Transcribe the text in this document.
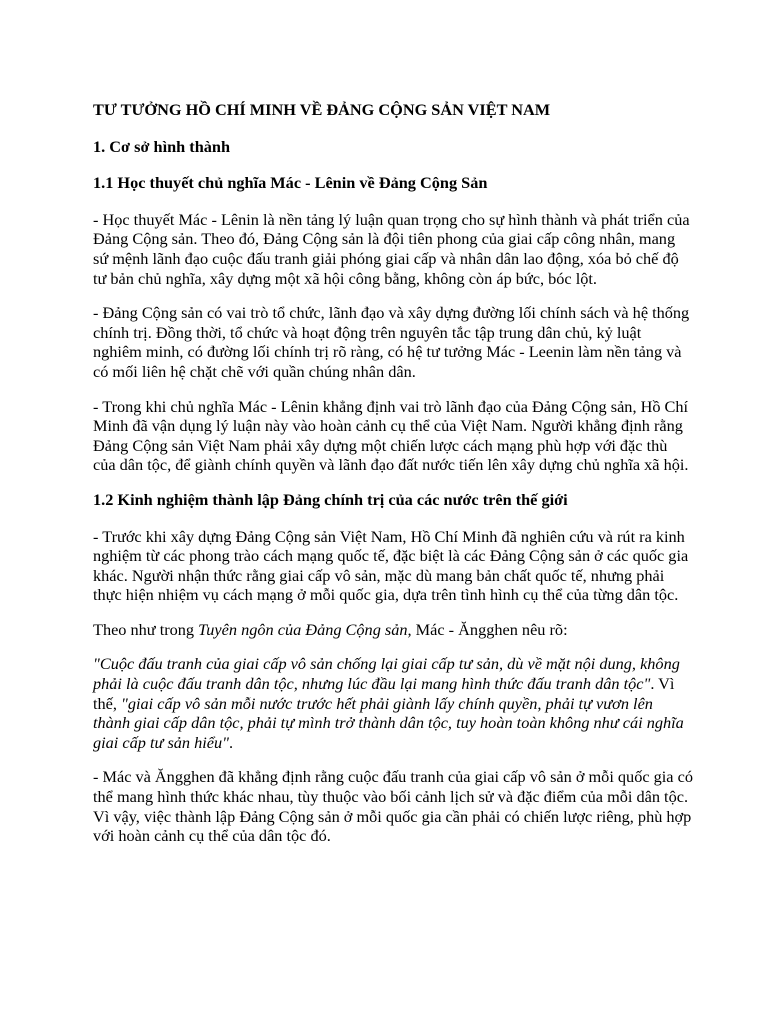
TƯ TƯỞNG HỒ CHÍ MINH VỀ ĐẢNG CỘNG SẢN VIỆT NAM
1. Cơ sở hình thành
1.1 Học thuyết chủ nghĩa Mác - Lênin về Đảng Cộng Sản

- Học thuyết Mác - Lênin là nền tảng lý luận quan trọng cho sự hình thành và phát triển của Đảng Cộng sản. Theo đó, Đảng Cộng sản là đội tiên phong của giai cấp công nhân, mang sứ mệnh lãnh đạo cuộc đấu tranh giải phóng giai cấp và nhân dân lao động, xóa bỏ chế độ tư bản chủ nghĩa, xây dựng một xã hội công bằng, không còn áp bức, bóc lột.

- Đảng Cộng sản có vai trò tổ chức, lãnh đạo và xây dựng đường lối chính sách và hệ thống chính trị. Đồng thời, tổ chức và hoạt động trên nguyên tắc tập trung dân chủ, kỷ luật nghiêm minh, có đường lối chính trị rõ ràng, có hệ tư tưởng Mác - Leenin làm nền tảng và có mối liên hệ chặt chẽ với quần chúng nhân dân.

- Trong khi chủ nghĩa Mác - Lênin khẳng định vai trò lãnh đạo của Đảng Cộng sản, Hồ Chí Minh đã vận dụng lý luận này vào hoàn cảnh cụ thể của Việt Nam. Người khẳng định rằng Đảng Cộng sản Việt Nam phải xây dựng một chiến lược cách mạng phù hợp với đặc thù của dân tộc, để giành chính quyền và lãnh đạo đất nước tiến lên xây dựng chủ nghĩa xã hội.

1.2 Kinh nghiệm thành lập Đảng chính trị của các nước trên thế giới

- Trước khi xây dựng Đảng Cộng sản Việt Nam, Hồ Chí Minh đã nghiên cứu và rút ra kinh nghiệm từ các phong trào cách mạng quốc tế, đặc biệt là các Đảng Cộng sản ở các quốc gia khác. Người nhận thức rằng giai cấp vô sản, mặc dù mang bản chất quốc tế, nhưng phải thực hiện nhiệm vụ cách mạng ở mỗi quốc gia, dựa trên tình hình cụ thể của từng dân tộc.

Theo như trong Tuyên ngôn của Đảng Cộng sản, Mác - Ăngghen nêu rõ:

"Cuộc đấu tranh của giai cấp vô sản chống lại giai cấp tư sản, dù về mặt nội dung, không phải là cuộc đấu tranh dân tộc, nhưng lúc đầu lại mang hình thức đấu tranh dân tộc". Vì thế, "giai cấp vô sản mỗi nước trước hết phải giành lấy chính quyền, phải tự vươn lên thành giai cấp dân tộc, phải tự mình trở thành dân tộc, tuy hoàn toàn không như cái nghĩa giai cấp tư sản hiểu".

- Mác và Ăngghen đã khẳng định rằng cuộc đấu tranh của giai cấp vô sản ở mỗi quốc gia có thể mang hình thức khác nhau, tùy thuộc vào bối cảnh lịch sử và đặc điểm của mỗi dân tộc. Vì vậy, việc thành lập Đảng Cộng sản ở mỗi quốc gia cần phải có chiến lược riêng, phù hợp với hoàn cảnh cụ thể của dân tộc đó.
